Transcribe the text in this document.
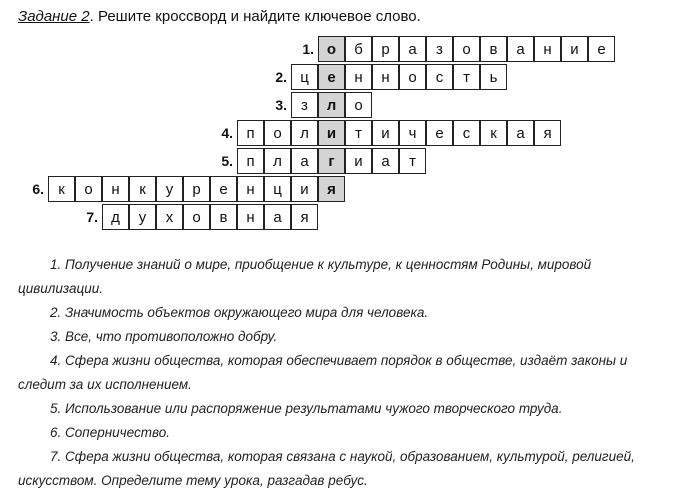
Задание 2. Решите кроссворд и найдите ключевое слово.
1. о	б	р	а	з	о	в	а	н	и	е
2. ц	е	н	н	о	с	т	ь
3. з	л	о
4. п	о	л	и	т	и	ч	е	с	к	а	я
5. п	л	а	г	и	а	т
6. к	о	н	к	у	р	е	н	ц	и	я
7. д	у	х	о	в	н	а	я
1. Получение знаний о мире, приобщение к культуре, к ценностям Родины, мировой цивилизации.
2. Значимость объектов окружающего мира для человека.
3. Все, что противоположно добру.
4. Сфера жизни общества, которая обеспечивает порядок в обществе, издаёт законы и следит за их исполнением.
5. Использование или распоряжение результатами чужого творческого труда.
6. Соперничество.
7. Сфера жизни общества, которая связана с наукой, образованием, культурой, религией, искусством. Определите тему урока, разгадав ребус.
